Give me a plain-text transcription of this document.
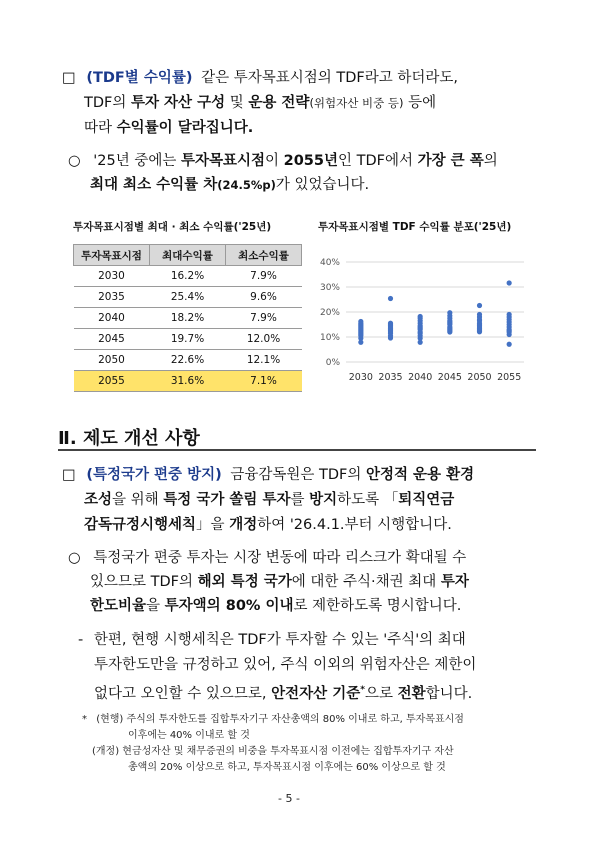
□ (TDF별 수익률) 같은 투자목표시점의 TDF라고 하더라도,
TDF의 투자 자산 구성 및 운용 전략(위험자산 비중 등) 등에
따라 수익률이 달라집니다.
○ '25년 중에는 투자목표시점이 2055년인 TDF에서 가장 큰 폭의
최대 최소 수익률 차(24.5%p)가 있었습니다.
투자목표시점별 최대 · 최소 수익률('25년)
투자목표시점	최대수익률	최소수익률
2030	16.2%	7.9%
2035	25.4%	9.6%
2040	18.2%	7.9%
2045	19.7%	12.0%
2050	22.6%	12.1%
2055	31.6%	7.1%
투자목표시점별 TDF 수익률 분포('25년)
40%
30%
20%
10%
0%
2030 2035 2040 2045 2050 2055
Ⅱ. 제도 개선 사항
□ (특정국가 편중 방지) 금융감독원은 TDF의 안정적 운용 환경
조성을 위해 특정 국가 쏠림 투자를 방지하도록 「퇴직연금
감독규정시행세칙」을 개정하여 '26.4.1.부터 시행합니다.
○ 특정국가 편중 투자는 시장 변동에 따라 리스크가 확대될 수
있으므로 TDF의 해외 특정 국가에 대한 주식·채권 최대 투자
한도비율을 투자액의 80% 이내로 제한하도록 명시합니다.
- 한편, 현행 시행세칙은 TDF가 투자할 수 있는 '주식'의 최대
투자한도만을 규정하고 있어, 주식 이외의 위험자산은 제한이
없다고 오인할 수 있으므로, 안전자산 기준*으로 전환합니다.
* (현행) 주식의 투자한도를 집합투자기구 자산총액의 80% 이내로 하고, 투자목표시점
이후에는 40% 이내로 할 것
(개정) 현금성자산 및 채무증권의 비중을 투자목표시점 이전에는 집합투자기구 자산
총액의 20% 이상으로 하고, 투자목표시점 이후에는 60% 이상으로 할 것
- 5 -
